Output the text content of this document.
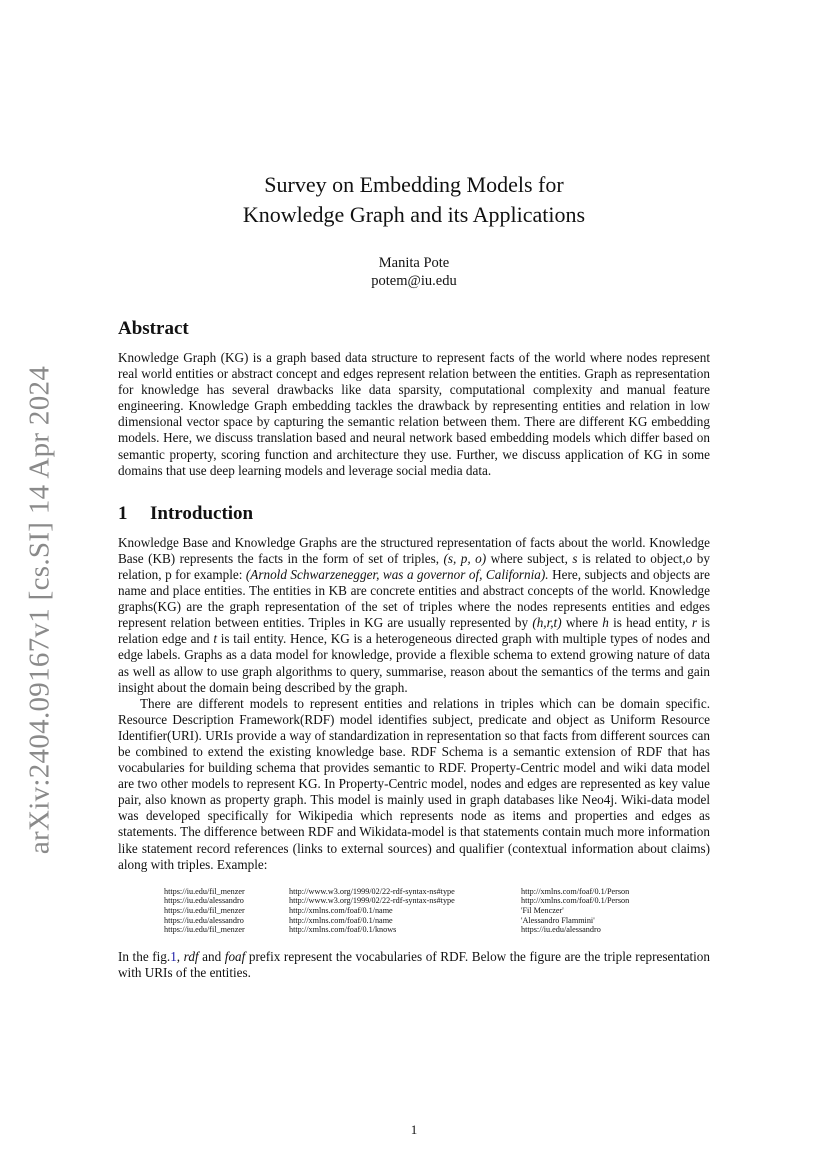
arXiv:2404.09167v1 [cs.SI] 14 Apr 2024
Survey on Embedding Models for
Knowledge Graph and its Applications
Manita Pote
potem@iu.edu
Abstract

Knowledge Graph (KG) is a graph based data structure to represent facts of the world where nodes represent real world entities or abstract concept and edges represent relation between the entities. Graph as representation for knowledge has several drawbacks like data sparsity, computational complexity and manual feature engineering. Knowledge Graph embedding tackles the drawback by representing entities and relation in low dimensional vector space by capturing the semantic relation between them. There are different KG embedding models. Here, we discuss translation based and neural network based embedding models which differ based on semantic property, scoring function and architecture they use. Further, we discuss application of KG in some domains that use deep learning models and leverage social media data.

1 Introduction

Knowledge Base and Knowledge Graphs are the structured representation of facts about the world. Knowledge Base (KB) represents the facts in the form of set of triples, (s, p, o) where subject, s is related to object,o by relation, p for example: (Arnold Schwarzenegger, was a governor of, California). Here, subjects and objects are name and place entities. The entities in KB are concrete entities and abstract concepts of the world. Knowledge graphs(KG) are the graph representation of the set of triples where the nodes represents entities and edges represent relation between entities. Triples in KG are usually represented by (h,r,t) where h is head entity, r is relation edge and t is tail entity. Hence, KG is a heterogeneous directed graph with multiple types of nodes and edge labels. Graphs as a data model for knowledge, provide a flexible schema to extend growing nature of data as well as allow to use graph algorithms to query, summarise, reason about the semantics of the terms and gain insight about the domain being described by the graph.

There are different models to represent entities and relations in triples which can be domain specific. Resource Description Framework(RDF) model identifies subject, predicate and object as Uniform Resource Identifier(URI). URIs provide a way of standardization in representation so that facts from different sources can be combined to extend the existing knowledge base. RDF Schema is a semantic extension of RDF that has vocabularies for building schema that provides semantic to RDF. Property-Centric model and wiki data model are two other models to represent KG. In Property-Centric model, nodes and edges are represented as key value pair, also known as property graph. This model is mainly used in graph databases like Neo4j. Wiki-data model was developed specifically for Wikipedia which represents node as items and properties and edges as statements. The difference between RDF and Wikidata-model is that statements contain much more information like statement record references (links to external sources) and qualifier (contextual information about claims) along with triples. Example:

https://iu.edu/fil_menzer	http://www.w3.org/1999/02/22-rdf-syntax-ns#type	http://xmlns.com/foaf/0.1/Person
https://iu.edu/alessandro	http://www.w3.org/1999/02/22-rdf-syntax-ns#type	http://xmlns.com/foaf/0.1/Person
https://iu.edu/fil_menzer	http://xmlns.com/foaf/0.1/name	'Fil Menczer'
https://iu.edu/alessandro	http://xmlns.com/foaf/0.1/name	'Alessandro Flammini'
https://iu.edu/fil_menzer	http://xmlns.com/foaf/0.1/knows	https://iu.edu/alessandro

In the fig.1, rdf and foaf prefix represent the vocabularies of RDF. Below the figure are the triple representation with URIs of the entities.

1
